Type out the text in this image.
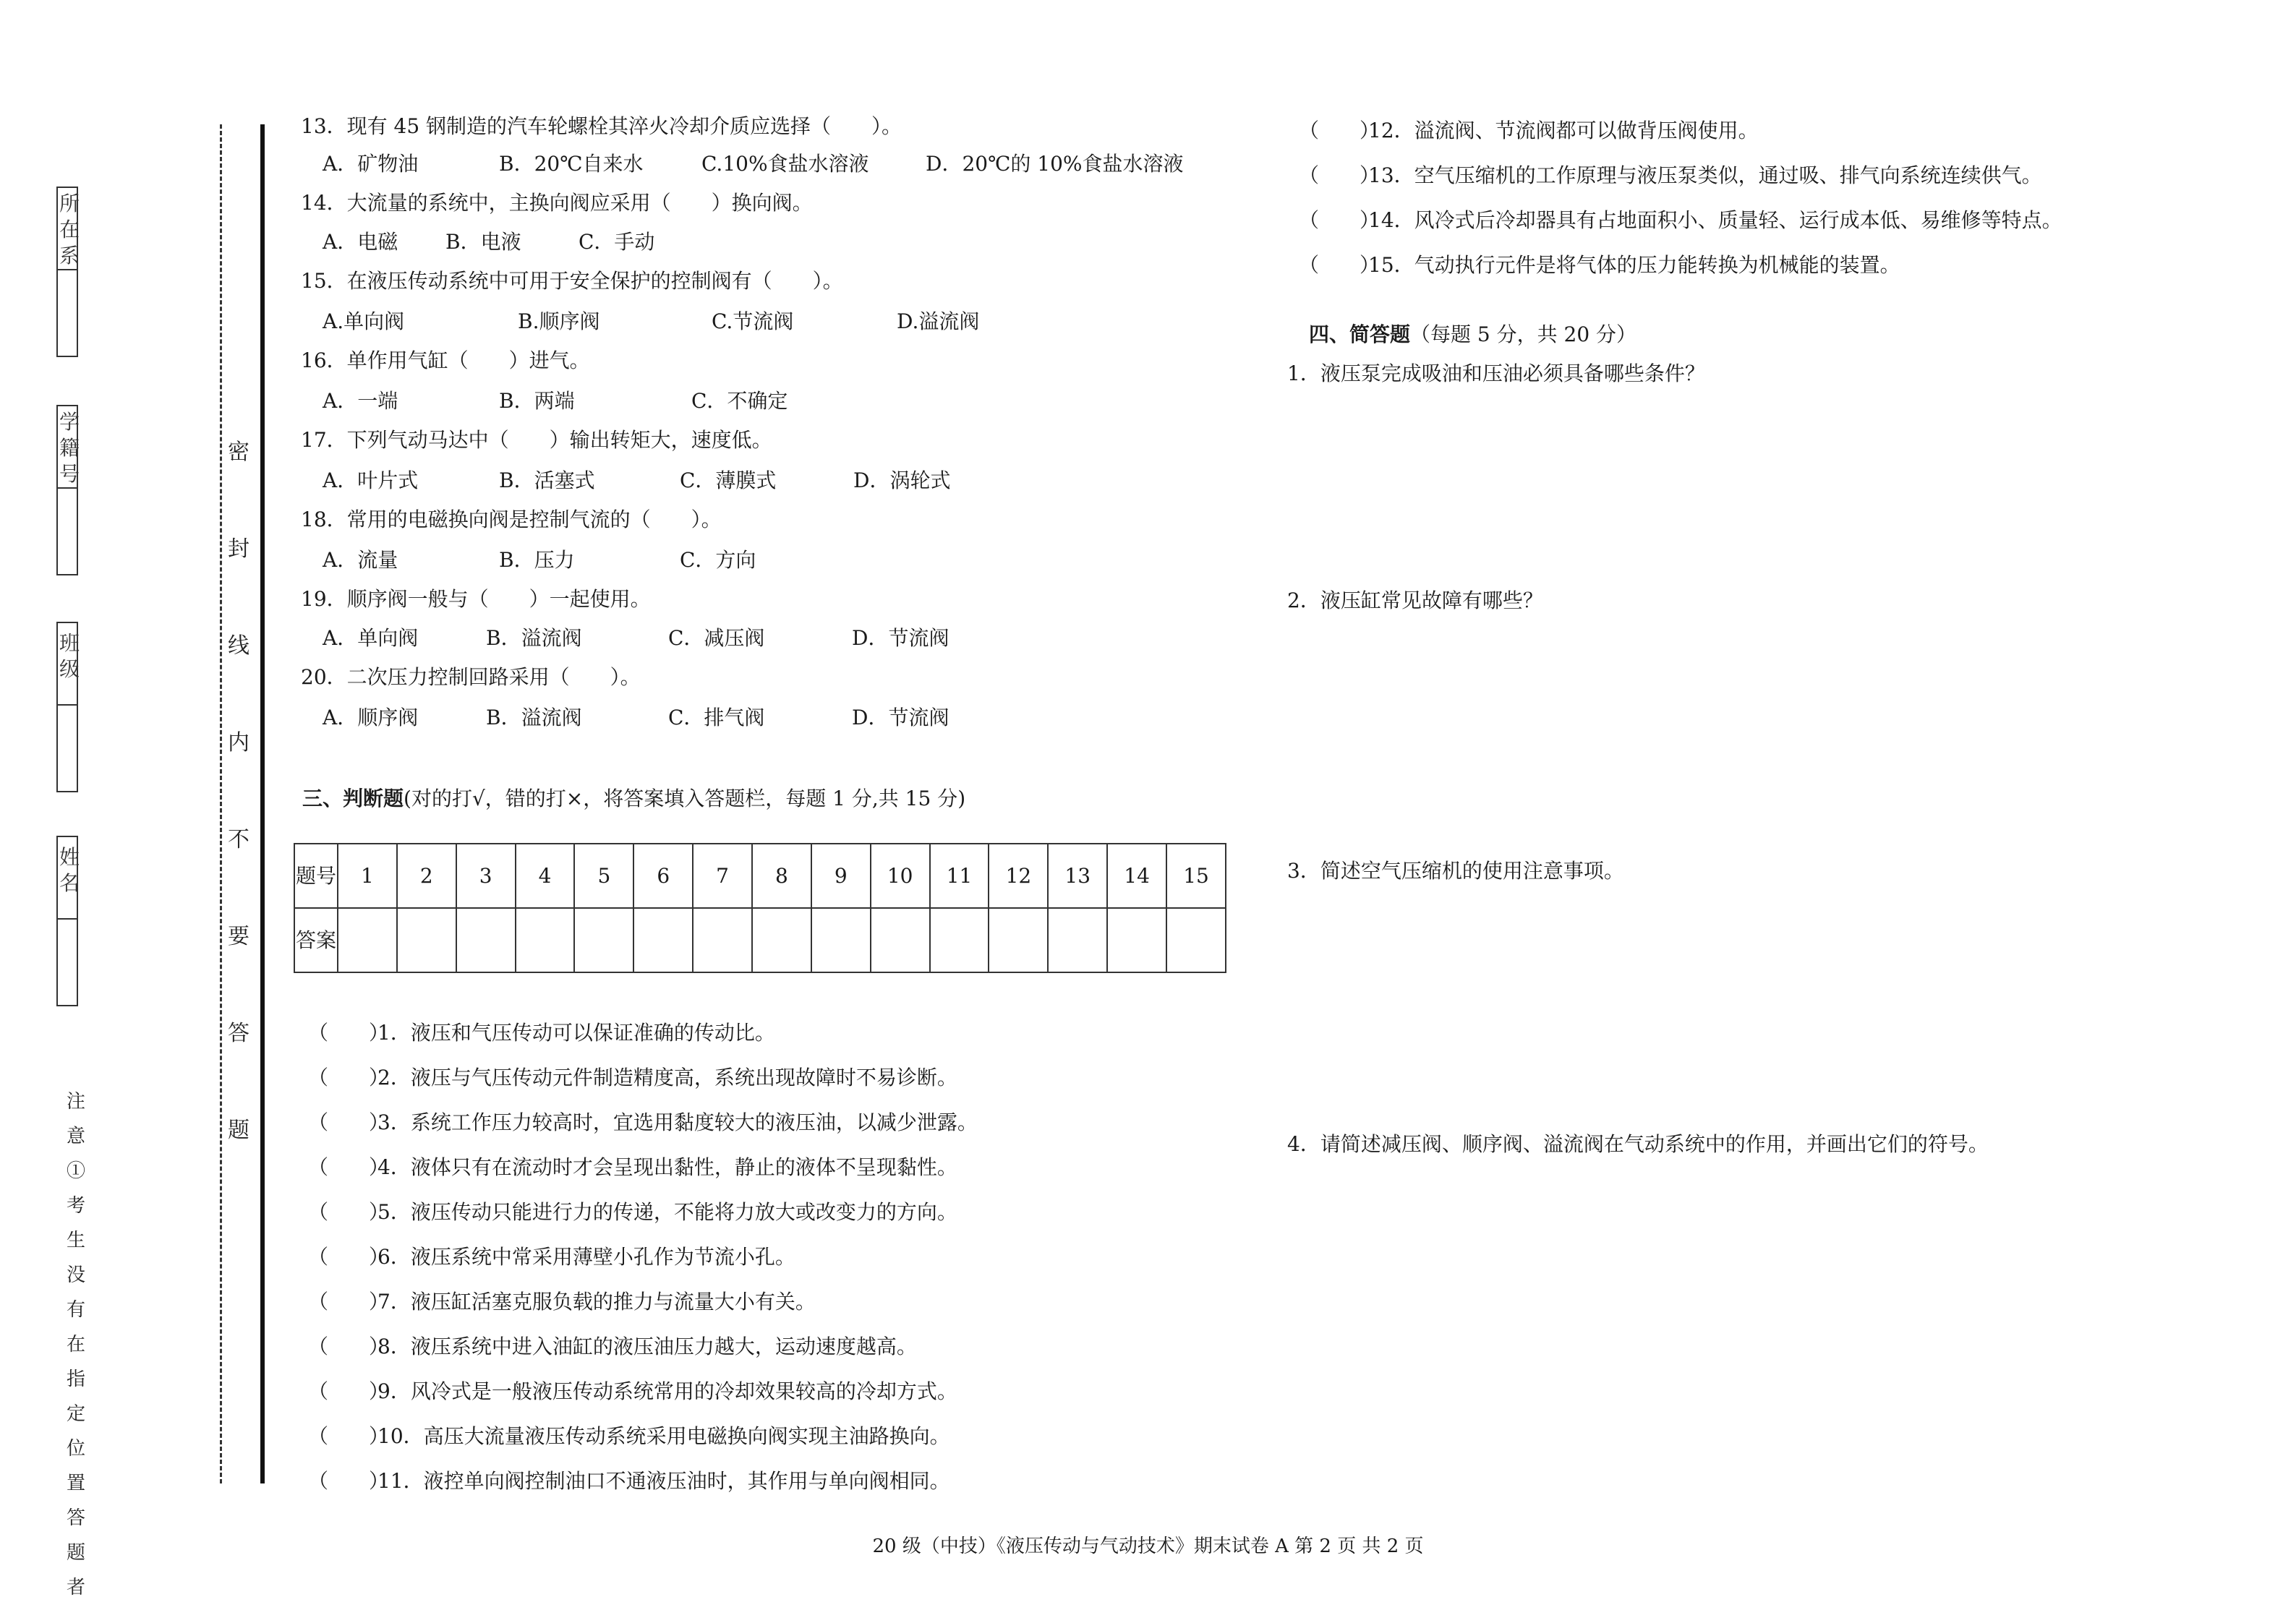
所在系
学籍号
班级
姓名
注意①考生没有在指定位置答题者
密
封
线
内
不
要
答
题
13．现有 45 钢制造的汽车轮螺栓其淬火冷却介质应选择（　　）。
A．矿物油	B．20℃自来水	C.10%食盐水溶液	D．20℃的 10%食盐水溶液
14．大流量的系统中，主换向阀应采用（　　）换向阀。
A．电磁 B．电液	C．手动
15．在液压传动系统中可用于安全保护的控制阀有（　　）。
A.单向阀	B.顺序阀	C.节流阀	D.溢流阀
16．单作用气缸（　　）进气。
A．一端	B．两端	C．不确定
17．下列气动马达中（　　）输出转矩大，速度低。
A．叶片式	B．活塞式	C．薄膜式	D．涡轮式
18．常用的电磁换向阀是控制气流的（　　）。
A．流量	B．压力	C．方向
19．顺序阀一般与（　　）一起使用。
A．单向阀	B．溢流阀	C．减压阀	D．节流阀
20．二次压力控制回路采用（　　）。
A．顺序阀	B．溢流阀	C．排气阀	D．节流阀
三、判断题(对的打√，错的打×，将答案填入答题栏，每题 1 分,共 15 分)
题号	1	2	3	4	5	6	7	8	9	10	11	12	13	14	15
答案															
（　　）1．液压和气压传动可以保证准确的传动比。
（　　）2．液压与气压传动元件制造精度高，系统出现故障时不易诊断。
（　　）3．系统工作压力较高时，宜选用黏度较大的液压油，以减少泄露。
（　　）4．液体只有在流动时才会呈现出黏性，静止的液体不呈现黏性。
（　　）5．液压传动只能进行力的传递，不能将力放大或改变力的方向。
（　　）6．液压系统中常采用薄壁小孔作为节流小孔。
（　　）7．液压缸活塞克服负载的推力与流量大小有关。
（　　）8．液压系统中进入油缸的液压油压力越大，运动速度越高。
（　　）9．风冷式是一般液压传动系统常用的冷却效果较高的冷却方式。
（　　）10．高压大流量液压传动系统采用电磁换向阀实现主油路换向。
（　　）11．液控单向阀控制油口不通液压油时，其作用与单向阀相同。
（　　）12．溢流阀、节流阀都可以做背压阀使用。
（　　）13．空气压缩机的工作原理与液压泵类似，通过吸、排气向系统连续供气。
（　　）14．风冷式后冷却器具有占地面积小、质量轻、运行成本低、易维修等特点。
（　　）15．气动执行元件是将气体的压力能转换为机械能的装置。
四、简答题（每题 5 分，共 20 分）
1．液压泵完成吸油和压油必须具备哪些条件？
2．液压缸常见故障有哪些？
3．简述空气压缩机的使用注意事项。
4．请简述减压阀、顺序阀、溢流阀在气动系统中的作用，并画出它们的符号。
20 级（中技）《液压传动与气动技术》期末试卷 A 第 2 页 共 2 页
